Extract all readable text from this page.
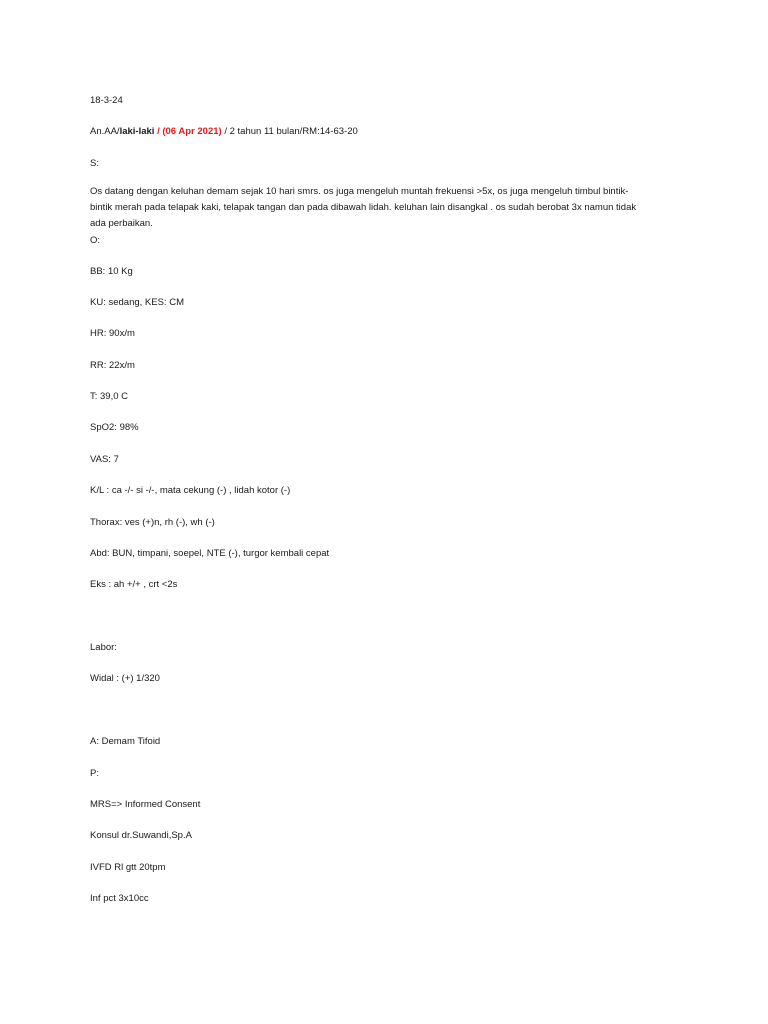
18-3-24
An.AA/laki-laki / (06 Apr 2021) / 2 tahun 11 bulan/RM:14-63-20
S:
Os datang dengan keluhan demam sejak 10 hari smrs. os juga mengeluh muntah frekuensi >5x, os juga mengeluh timbul bintik-bintik merah pada telapak kaki, telapak tangan dan pada dibawah lidah. keluhan lain disangkal . os sudah berobat 3x namun tidak ada perbaikan.
O:
BB: 10 Kg
KU: sedang, KES: CM
HR: 90x/m
RR: 22x/m
T: 39,0 C
SpO2: 98%
VAS: 7
K/L : ca -/- si -/-, mata cekung (-) , lidah kotor (-)
Thorax: ves (+)n, rh (-), wh (-)
Abd: BUN, timpani, soepel, NTE (-), turgor kembali cepat
Eks : ah +/+ , crt <2s
Labor:
Widal : (+) 1/320
A: Demam Tifoid
P:
MRS=> Informed Consent
Konsul dr.Suwandi,Sp.A
IVFD Rl gtt 20tpm
Inf pct 3x10cc
